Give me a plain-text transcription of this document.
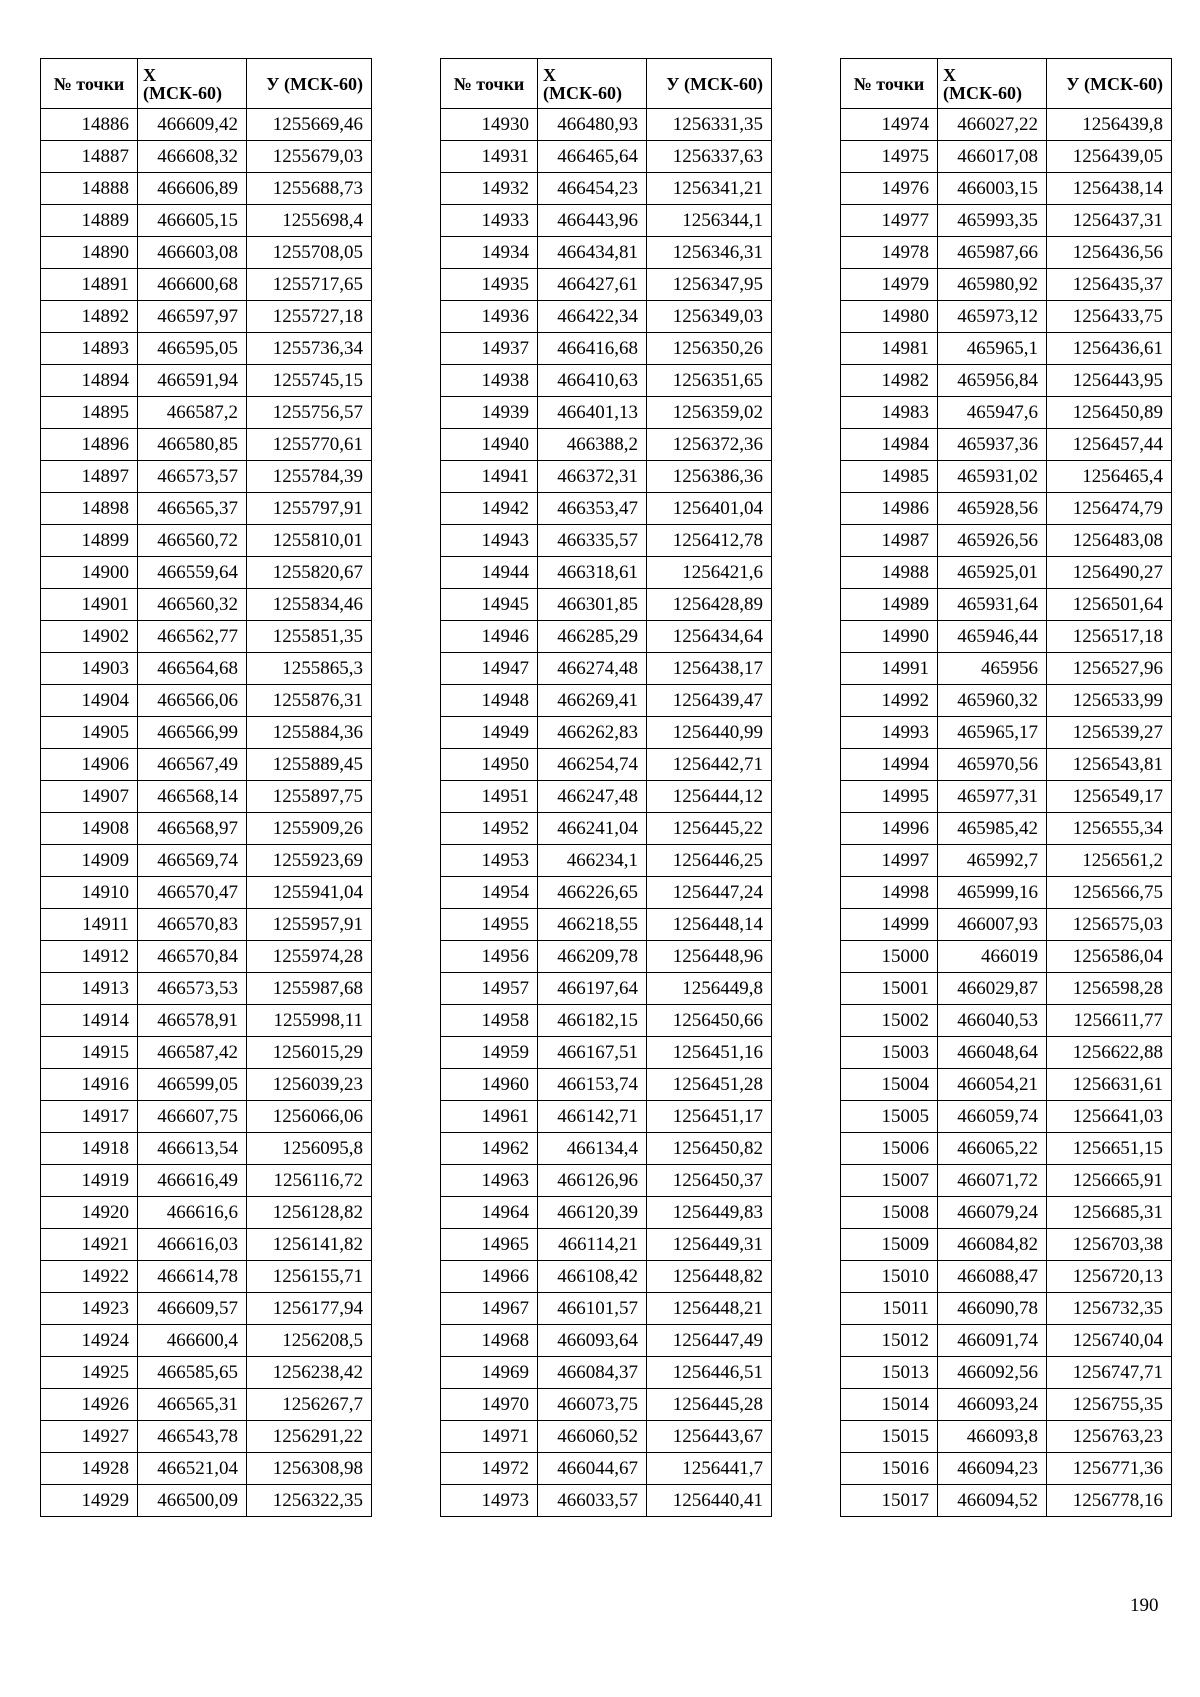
№ точки	X (МСК-60)	У (МСК-60)
14886	466609,42	1255669,46
14887	466608,32	1255679,03
14888	466606,89	1255688,73
14889	466605,15	1255698,4
14890	466603,08	1255708,05
14891	466600,68	1255717,65
14892	466597,97	1255727,18
14893	466595,05	1255736,34
14894	466591,94	1255745,15
14895	466587,2	1255756,57
14896	466580,85	1255770,61
14897	466573,57	1255784,39
14898	466565,37	1255797,91
14899	466560,72	1255810,01
14900	466559,64	1255820,67
14901	466560,32	1255834,46
14902	466562,77	1255851,35
14903	466564,68	1255865,3
14904	466566,06	1255876,31
14905	466566,99	1255884,36
14906	466567,49	1255889,45
14907	466568,14	1255897,75
14908	466568,97	1255909,26
14909	466569,74	1255923,69
14910	466570,47	1255941,04
14911	466570,83	1255957,91
14912	466570,84	1255974,28
14913	466573,53	1255987,68
14914	466578,91	1255998,11
14915	466587,42	1256015,29
14916	466599,05	1256039,23
14917	466607,75	1256066,06
14918	466613,54	1256095,8
14919	466616,49	1256116,72
14920	466616,6	1256128,82
14921	466616,03	1256141,82
14922	466614,78	1256155,71
14923	466609,57	1256177,94
14924	466600,4	1256208,5
14925	466585,65	1256238,42
14926	466565,31	1256267,7
14927	466543,78	1256291,22
14928	466521,04	1256308,98
14929	466500,09	1256322,35
№ точки	X (МСК-60)	У (МСК-60)
14930	466480,93	1256331,35
14931	466465,64	1256337,63
14932	466454,23	1256341,21
14933	466443,96	1256344,1
14934	466434,81	1256346,31
14935	466427,61	1256347,95
14936	466422,34	1256349,03
14937	466416,68	1256350,26
14938	466410,63	1256351,65
14939	466401,13	1256359,02
14940	466388,2	1256372,36
14941	466372,31	1256386,36
14942	466353,47	1256401,04
14943	466335,57	1256412,78
14944	466318,61	1256421,6
14945	466301,85	1256428,89
14946	466285,29	1256434,64
14947	466274,48	1256438,17
14948	466269,41	1256439,47
14949	466262,83	1256440,99
14950	466254,74	1256442,71
14951	466247,48	1256444,12
14952	466241,04	1256445,22
14953	466234,1	1256446,25
14954	466226,65	1256447,24
14955	466218,55	1256448,14
14956	466209,78	1256448,96
14957	466197,64	1256449,8
14958	466182,15	1256450,66
14959	466167,51	1256451,16
14960	466153,74	1256451,28
14961	466142,71	1256451,17
14962	466134,4	1256450,82
14963	466126,96	1256450,37
14964	466120,39	1256449,83
14965	466114,21	1256449,31
14966	466108,42	1256448,82
14967	466101,57	1256448,21
14968	466093,64	1256447,49
14969	466084,37	1256446,51
14970	466073,75	1256445,28
14971	466060,52	1256443,67
14972	466044,67	1256441,7
14973	466033,57	1256440,41
№ точки	X (МСК-60)	У (МСК-60)
14974	466027,22	1256439,8
14975	466017,08	1256439,05
14976	466003,15	1256438,14
14977	465993,35	1256437,31
14978	465987,66	1256436,56
14979	465980,92	1256435,37
14980	465973,12	1256433,75
14981	465965,1	1256436,61
14982	465956,84	1256443,95
14983	465947,6	1256450,89
14984	465937,36	1256457,44
14985	465931,02	1256465,4
14986	465928,56	1256474,79
14987	465926,56	1256483,08
14988	465925,01	1256490,27
14989	465931,64	1256501,64
14990	465946,44	1256517,18
14991	465956	1256527,96
14992	465960,32	1256533,99
14993	465965,17	1256539,27
14994	465970,56	1256543,81
14995	465977,31	1256549,17
14996	465985,42	1256555,34
14997	465992,7	1256561,2
14998	465999,16	1256566,75
14999	466007,93	1256575,03
15000	466019	1256586,04
15001	466029,87	1256598,28
15002	466040,53	1256611,77
15003	466048,64	1256622,88
15004	466054,21	1256631,61
15005	466059,74	1256641,03
15006	466065,22	1256651,15
15007	466071,72	1256665,91
15008	466079,24	1256685,31
15009	466084,82	1256703,38
15010	466088,47	1256720,13
15011	466090,78	1256732,35
15012	466091,74	1256740,04
15013	466092,56	1256747,71
15014	466093,24	1256755,35
15015	466093,8	1256763,23
15016	466094,23	1256771,36
15017	466094,52	1256778,16
190
